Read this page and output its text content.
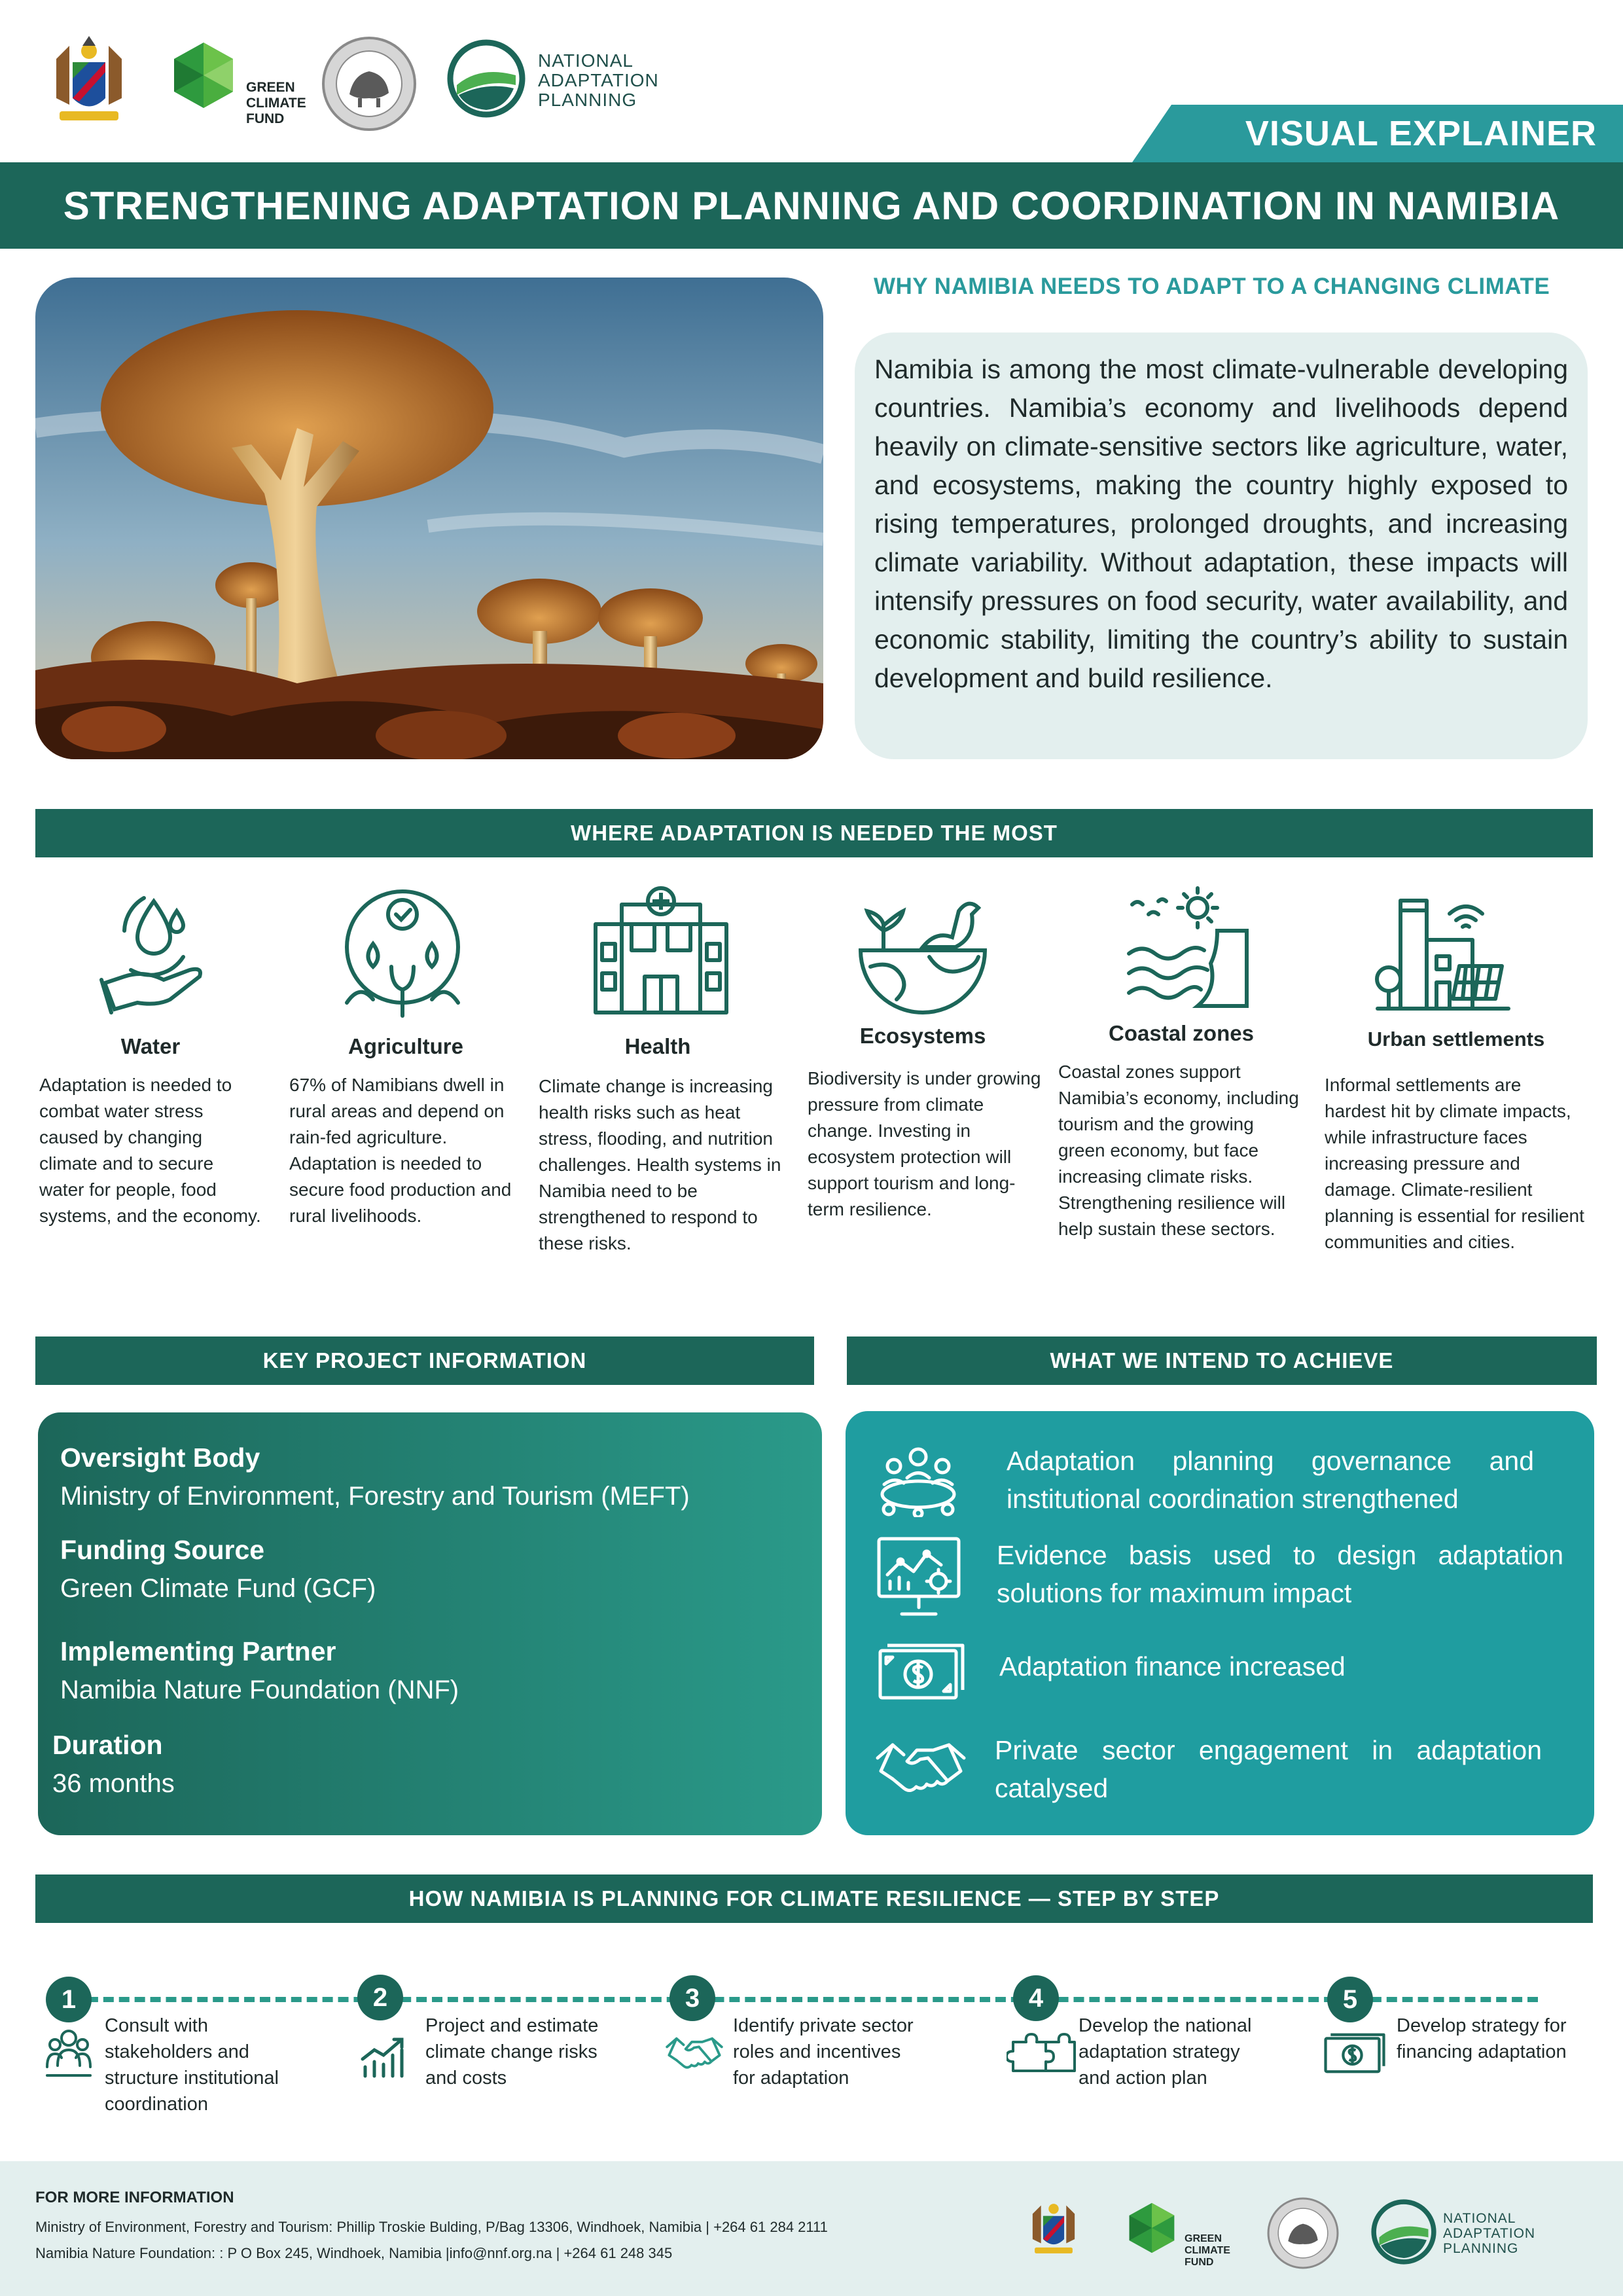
GREEN
CLIMATE
FUND
NATIONAL
ADAPTATION
PLANNING
VISUAL EXPLAINER
STRENGTHENING ADAPTATION PLANNING AND COORDINATION IN NAMIBIA
WHY NAMIBIA NEEDS TO ADAPT TO A CHANGING CLIMATE
Namibia is among the most climate-vulnerable developing countries. Namibia’s economy and livelihoods depend heavily on climate-sensitive sectors like agriculture, water, and ecosystems, making the country highly exposed to rising temperatures, prolonged droughts, and increasing climate variability. Without adaptation, these impacts will intensify pressures on food security, water availability, and economic stability, limiting the country’s ability to sustain development and build resilience.
WHERE ADAPTATION IS NEEDED THE MOST
Water
Adaptation is needed to combat water stress caused by changing climate and to secure water for people, food systems, and the economy.
Agriculture
67% of Namibians dwell in rural areas and depend on rain-fed agriculture. Adaptation is needed to secure food production and rural livelihoods.
Health
Climate change is increasing health risks such as heat stress, flooding, and nutrition challenges. Health systems in Namibia need to be strengthened to respond to these risks.
Ecosystems
Biodiversity is under growing pressure from climate change. Investing in ecosystem protection will support tourism and long-term resilience.
Coastal zones
Coastal zones support Namibia’s economy, including tourism and the growing green economy, but face increasing climate risks. Strengthening resilience will help sustain these sectors.
Urban settlements
Informal settlements are hardest hit by climate impacts, while infrastructure faces increasing pressure and damage. Climate-resilient planning is essential for resilient communities and cities.
KEY PROJECT INFORMATION
Oversight Body
Ministry of Environment, Forestry and Tourism (MEFT)
Funding Source
Green Climate Fund (GCF)
Implementing Partner
Namibia Nature Foundation (NNF)
Duration
36 months
WHAT WE INTEND TO ACHIEVE
Adaptation planning governance and institutional coordination strengthened
Evidence basis used to design adaptation solutions for maximum impact
Adaptation finance increased
Private sector engagement in adaptation catalysed
HOW NAMIBIA IS PLANNING FOR CLIMATE RESILIENCE — STEP BY STEP
1
Consult with stakeholders and structure institutional coordination
2
Project and estimate climate change risks and costs
3
Identify private sector roles and incentives for adaptation
4
Develop the national adaptation strategy and action plan
5
Develop strategy for financing adaptation
FOR MORE INFORMATION
Ministry of Environment, Forestry and Tourism: Phillip Troskie Bulding, P/Bag 13306, Windhoek, Namibia | +264 61 284 2111
Namibia Nature Foundation: : P O Box 245, Windhoek, Namibia |info@nnf.org.na | +264 61 248 345
GREEN
CLIMATE
FUND
NATIONAL
ADAPTATION
PLANNING
